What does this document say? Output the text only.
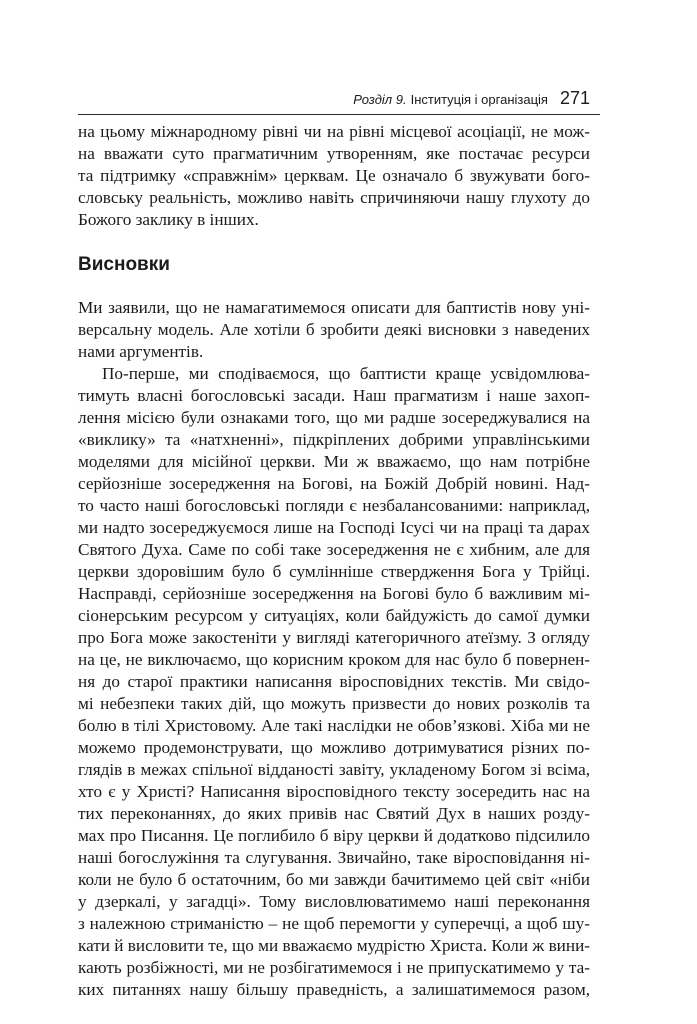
Розділ 9. Інституція і організація 271
на цьому міжнародному рівні чи на рівні місцевої асоціації, не мож-
на вважати суто прагматичним утворенням, яке постачає ресурси
та підтримку «справжнім» церквам. Це означало б звужувати бого-
словську реальність, можливо навіть спричиняючи нашу глухоту до
Божого заклику в інших.
Висновки
Ми заявили, що не намагатимемося описати для баптистів нову уні-
версальну модель. Але хотіли б зробити деякі висновки з наведених
нами аргументів.
По-перше, ми сподіваємося, що баптисти краще усвідомлюва-
тимуть власні богословські засади. Наш прагматизм і наше захоп-
лення місією були ознаками того, що ми радше зосереджувалися на
«виклику» та «натхненні», підкріплених добрими управлінськими
моделями для місійної церкви. Ми ж вважаємо, що нам потрібне
серйозніше зосередження на Богові, на Божій Добрій новині. Над-
то часто наші богословські погляди є незбалансованими: наприклад,
ми надто зосереджуємося лише на Господі Ісусі чи на праці та дарах
Святого Духа. Саме по собі таке зосередження не є хибним, але для
церкви здоровішим було б сумлінніше ствердження Бога у Трійці.
Насправді, серйозніше зосередження на Богові було б важливим мі-
сіонерським ресурсом у ситуаціях, коли байдужість до самої думки
про Бога може закостеніти у вигляді категоричного атеїзму. З огляду
на це, не виключаємо, що корисним кроком для нас було б повернен-
ня до старої практики написання віросповідних текстів. Ми свідо-
мі небезпеки таких дій, що можуть призвести до нових розколів та
болю в тілі Христовому. Але такі наслідки не обов’язкові. Хіба ми не
можемо продемонструвати, що можливо дотримуватися різних по-
глядів в межах спільної відданості завіту, укладеному Богом зі всіма,
хто є у Христі? Написання віросповідного тексту зосередить нас на
тих переконаннях, до яких привів нас Святий Дух в наших розду-
мах про Писання. Це поглибило б віру церкви й додатково підсилило
наші богослужіння та слугування. Звичайно, таке віросповідання ні-
коли не було б остаточним, бо ми завжди бачитимемо цей світ «ніби
у дзеркалі, у загадці». Тому висловлюватимемо наші переконання
з належною стриманістю – не щоб перемогти у суперечці, а щоб шу-
кати й висловити те, що ми вважаємо мудрістю Христа. Коли ж вини-
кають розбіжності, ми не розбігатимемося і не припускатимемо у та-
ких питаннях нашу більшу праведність, а залишатимемося разом,
